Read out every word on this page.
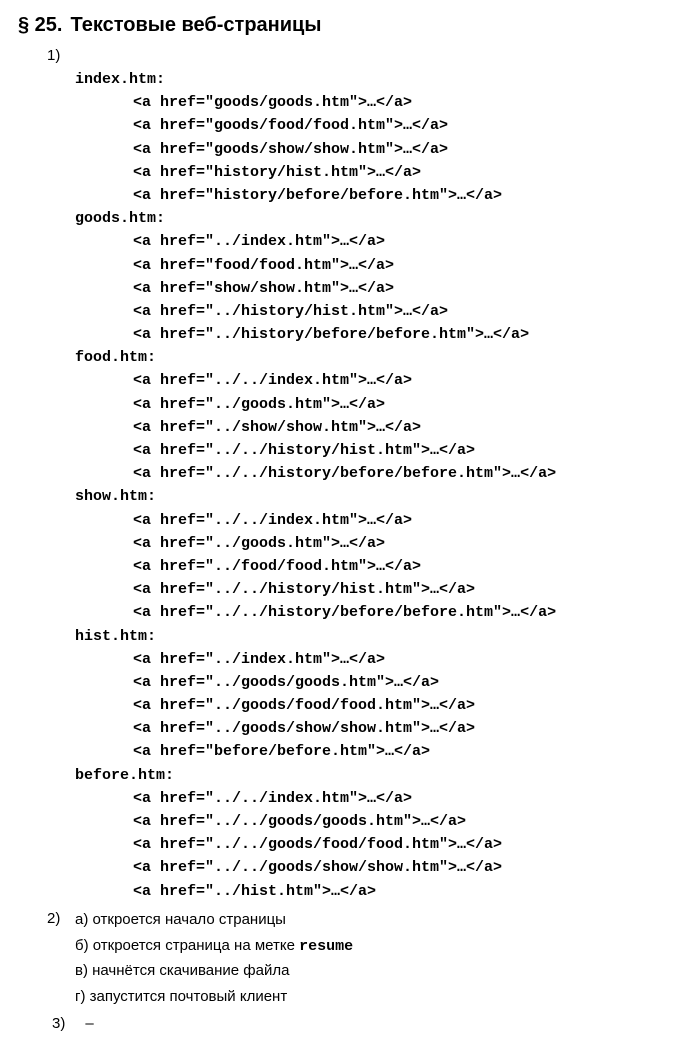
§ 25. Текстовые веб-страницы
1)
index.htm:
<a href="goods/goods.htm">…</a>
<a href="goods/food/food.htm">…</a>
<a href="goods/show/show.htm">…</a>
<a href="history/hist.htm">…</a>
<a href="history/before/before.htm">…</a>
goods.htm:
<a href="../index.htm">…</a>
<a href="food/food.htm">…</a>
<a href="show/show.htm">…</a>
<a href="../history/hist.htm">…</a>
<a href="../history/before/before.htm">…</a>
food.htm:
<a href="../../index.htm">…</a>
<a href="../goods.htm">…</a>
<a href="../show/show.htm">…</a>
<a href="../../history/hist.htm">…</a>
<a href="../../history/before/before.htm">…</a>
show.htm:
<a href="../../index.htm">…</a>
<a href="../goods.htm">…</a>
<a href="../food/food.htm">…</a>
<a href="../../history/hist.htm">…</a>
<a href="../../history/before/before.htm">…</a>
hist.htm:
<a href="../index.htm">…</a>
<a href="../goods/goods.htm">…</a>
<a href="../goods/food/food.htm">…</a>
<a href="../goods/show/show.htm">…</a>
<a href="before/before.htm">…</a>
before.htm:
<a href="../../index.htm">…</a>
<a href="../../goods/goods.htm">…</a>
<a href="../../goods/food/food.htm">…</a>
<a href="../../goods/show/show.htm">…</a>
<a href="../hist.htm">…</a>
2) а) откроется начало страницы
б) откроется страница на метке resume
в) начнётся скачивание файла
г) запустится почтовый клиент
3) –
